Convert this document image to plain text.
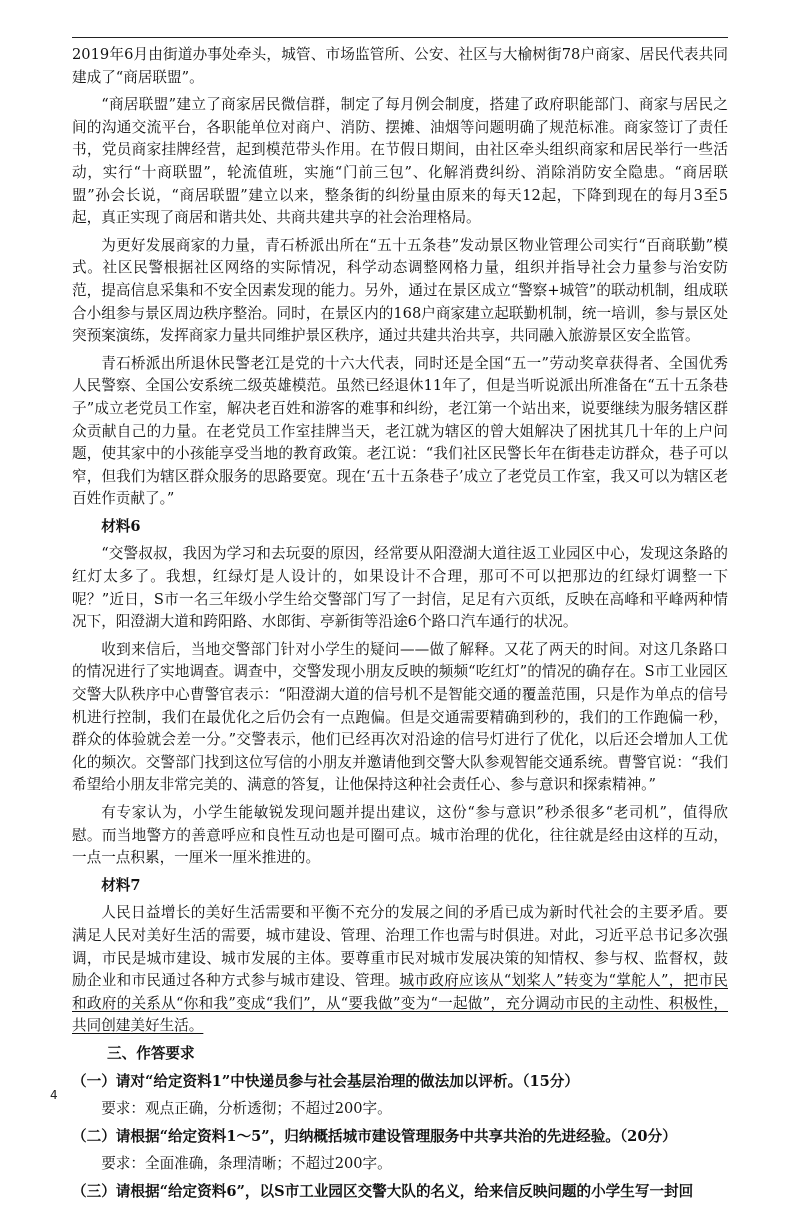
2019年6月由街道办事处牵头，城管、市场监管所、公安、社区与大榆树街78户商家、居民代表共同建成了“商居联盟”。

“商居联盟”建立了商家居民微信群，制定了每月例会制度，搭建了政府职能部门、商家与居民之间的沟通交流平台，各职能单位对商户、消防、摆摊、油烟等问题明确了规范标准。商家签订了责任书，党员商家挂牌经营，起到模范带头作用。在节假日期间，由社区牵头组织商家和居民举行一些活动，实行“十商联盟”，轮流值班，实施“门前三包”、化解消费纠纷、消除消防安全隐患。“商居联盟”孙会长说，“商居联盟”建立以来，整条街的纠纷量由原来的每天12起，下降到现在的每月3至5起，真正实现了商居和谐共处、共商共建共享的社会治理格局。

为更好发展商家的力量，青石桥派出所在“五十五条巷”发动景区物业管理公司实行“百商联勤”模式。社区民警根据社区网络的实际情况，科学动态调整网格力量，组织并指导社会力量参与治安防范，提高信息采集和不安全因素发现的能力。另外，通过在景区成立“警察+城管”的联动机制，组成联合小组参与景区周边秩序整治。同时，在景区内的168户商家建立起联勤机制，统一培训，参与景区处突预案演练，发挥商家力量共同维护景区秩序，通过共建共治共享，共同融入旅游景区安全监管。

青石桥派出所退休民警老江是党的十六大代表，同时还是全国“五一”劳动奖章获得者、全国优秀人民警察、全国公安系统二级英雄模范。虽然已经退休11年了，但是当听说派出所准备在“五十五条巷子”成立老党员工作室，解决老百姓和游客的难事和纠纷，老江第一个站出来，说要继续为服务辖区群众贡献自己的力量。在老党员工作室挂牌当天，老江就为辖区的曾大姐解决了困扰其几十年的上户问题，使其家中的小孩能享受当地的教育政策。老江说：“我们社区民警长年在街巷走访群众，巷子可以窄，但我们为辖区群众服务的思路要宽。现在‘五十五条巷子’成立了老党员工作室，我又可以为辖区老百姓作贡献了。”

材料6

“交警叔叔，我因为学习和去玩耍的原因，经常要从阳澄湖大道往返工业园区中心，发现这条路的红灯太多了。我想，红绿灯是人设计的，如果设计不合理，那可不可以把那边的红绿灯调整一下呢？”近日，S市一名三年级小学生给交警部门写了一封信，足足有六页纸，反映在高峰和平峰两种情况下，阳澄湖大道和跨阳路、水郎街、亭新街等沿途6个路口汽车通行的状况。

收到来信后，当地交警部门针对小学生的疑问——做了解释。又花了两天的时间。对这几条路口的情况进行了实地调查。调查中，交警发现小朋友反映的频频“吃红灯”的情况的确存在。S市工业园区交警大队秩序中心曹警官表示：“阳澄湖大道的信号机不是智能交通的覆盖范围，只是作为单点的信号机进行控制，我们在最优化之后仍会有一点跑偏。但是交通需要精确到秒的，我们的工作跑偏一秒，群众的体验就会差一分。”交警表示，他们已经再次对沿途的信号灯进行了优化，以后还会增加人工优化的频次。交警部门找到这位写信的小朋友并邀请他到交警大队参观智能交通系统。曹警官说：“我们希望给小朋友非常完美的、满意的答复，让他保持这种社会责任心、参与意识和探索精神。”

有专家认为，小学生能敏锐发现问题并提出建议，这份“参与意识”秒杀很多“老司机”，值得欣慰。而当地警方的善意呼应和良性互动也是可圈可点。城市治理的优化，往往就是经由这样的互动，一点一点积累，一厘米一厘米推进的。

材料7

人民日益增长的美好生活需要和平衡不充分的发展之间的矛盾已成为新时代社会的主要矛盾。要满足人民对美好生活的需要，城市建设、管理、治理工作也需与时俱进。对此，习近平总书记多次强调，市民是城市建设、城市发展的主体。要尊重市民对城市发展决策的知情权、参与权、监督权，鼓励企业和市民通过各种方式参与城市建设、管理。城市政府应该从“划桨人”转变为“掌舵人”，把市民和政府的关系从“你和我”变成“我们”，从“要我做”变为“一起做”，充分调动市民的主动性、积极性，共同创建美好生活。

三、作答要求

（一）请对“给定资料1”中快递员参与社会基层治理的做法加以评析。（15分）

要求：观点正确，分析透彻；不超过200字。

（二）请根据“给定资料1～5”，归纳概括城市建设管理服务中共享共治的先进经验。（20分）

要求：全面准确，条理清晰；不超过200字。

（三）请根据“给定资料6”，以S市工业园区交警大队的名义，给来信反映问题的小学生写一封回

4
